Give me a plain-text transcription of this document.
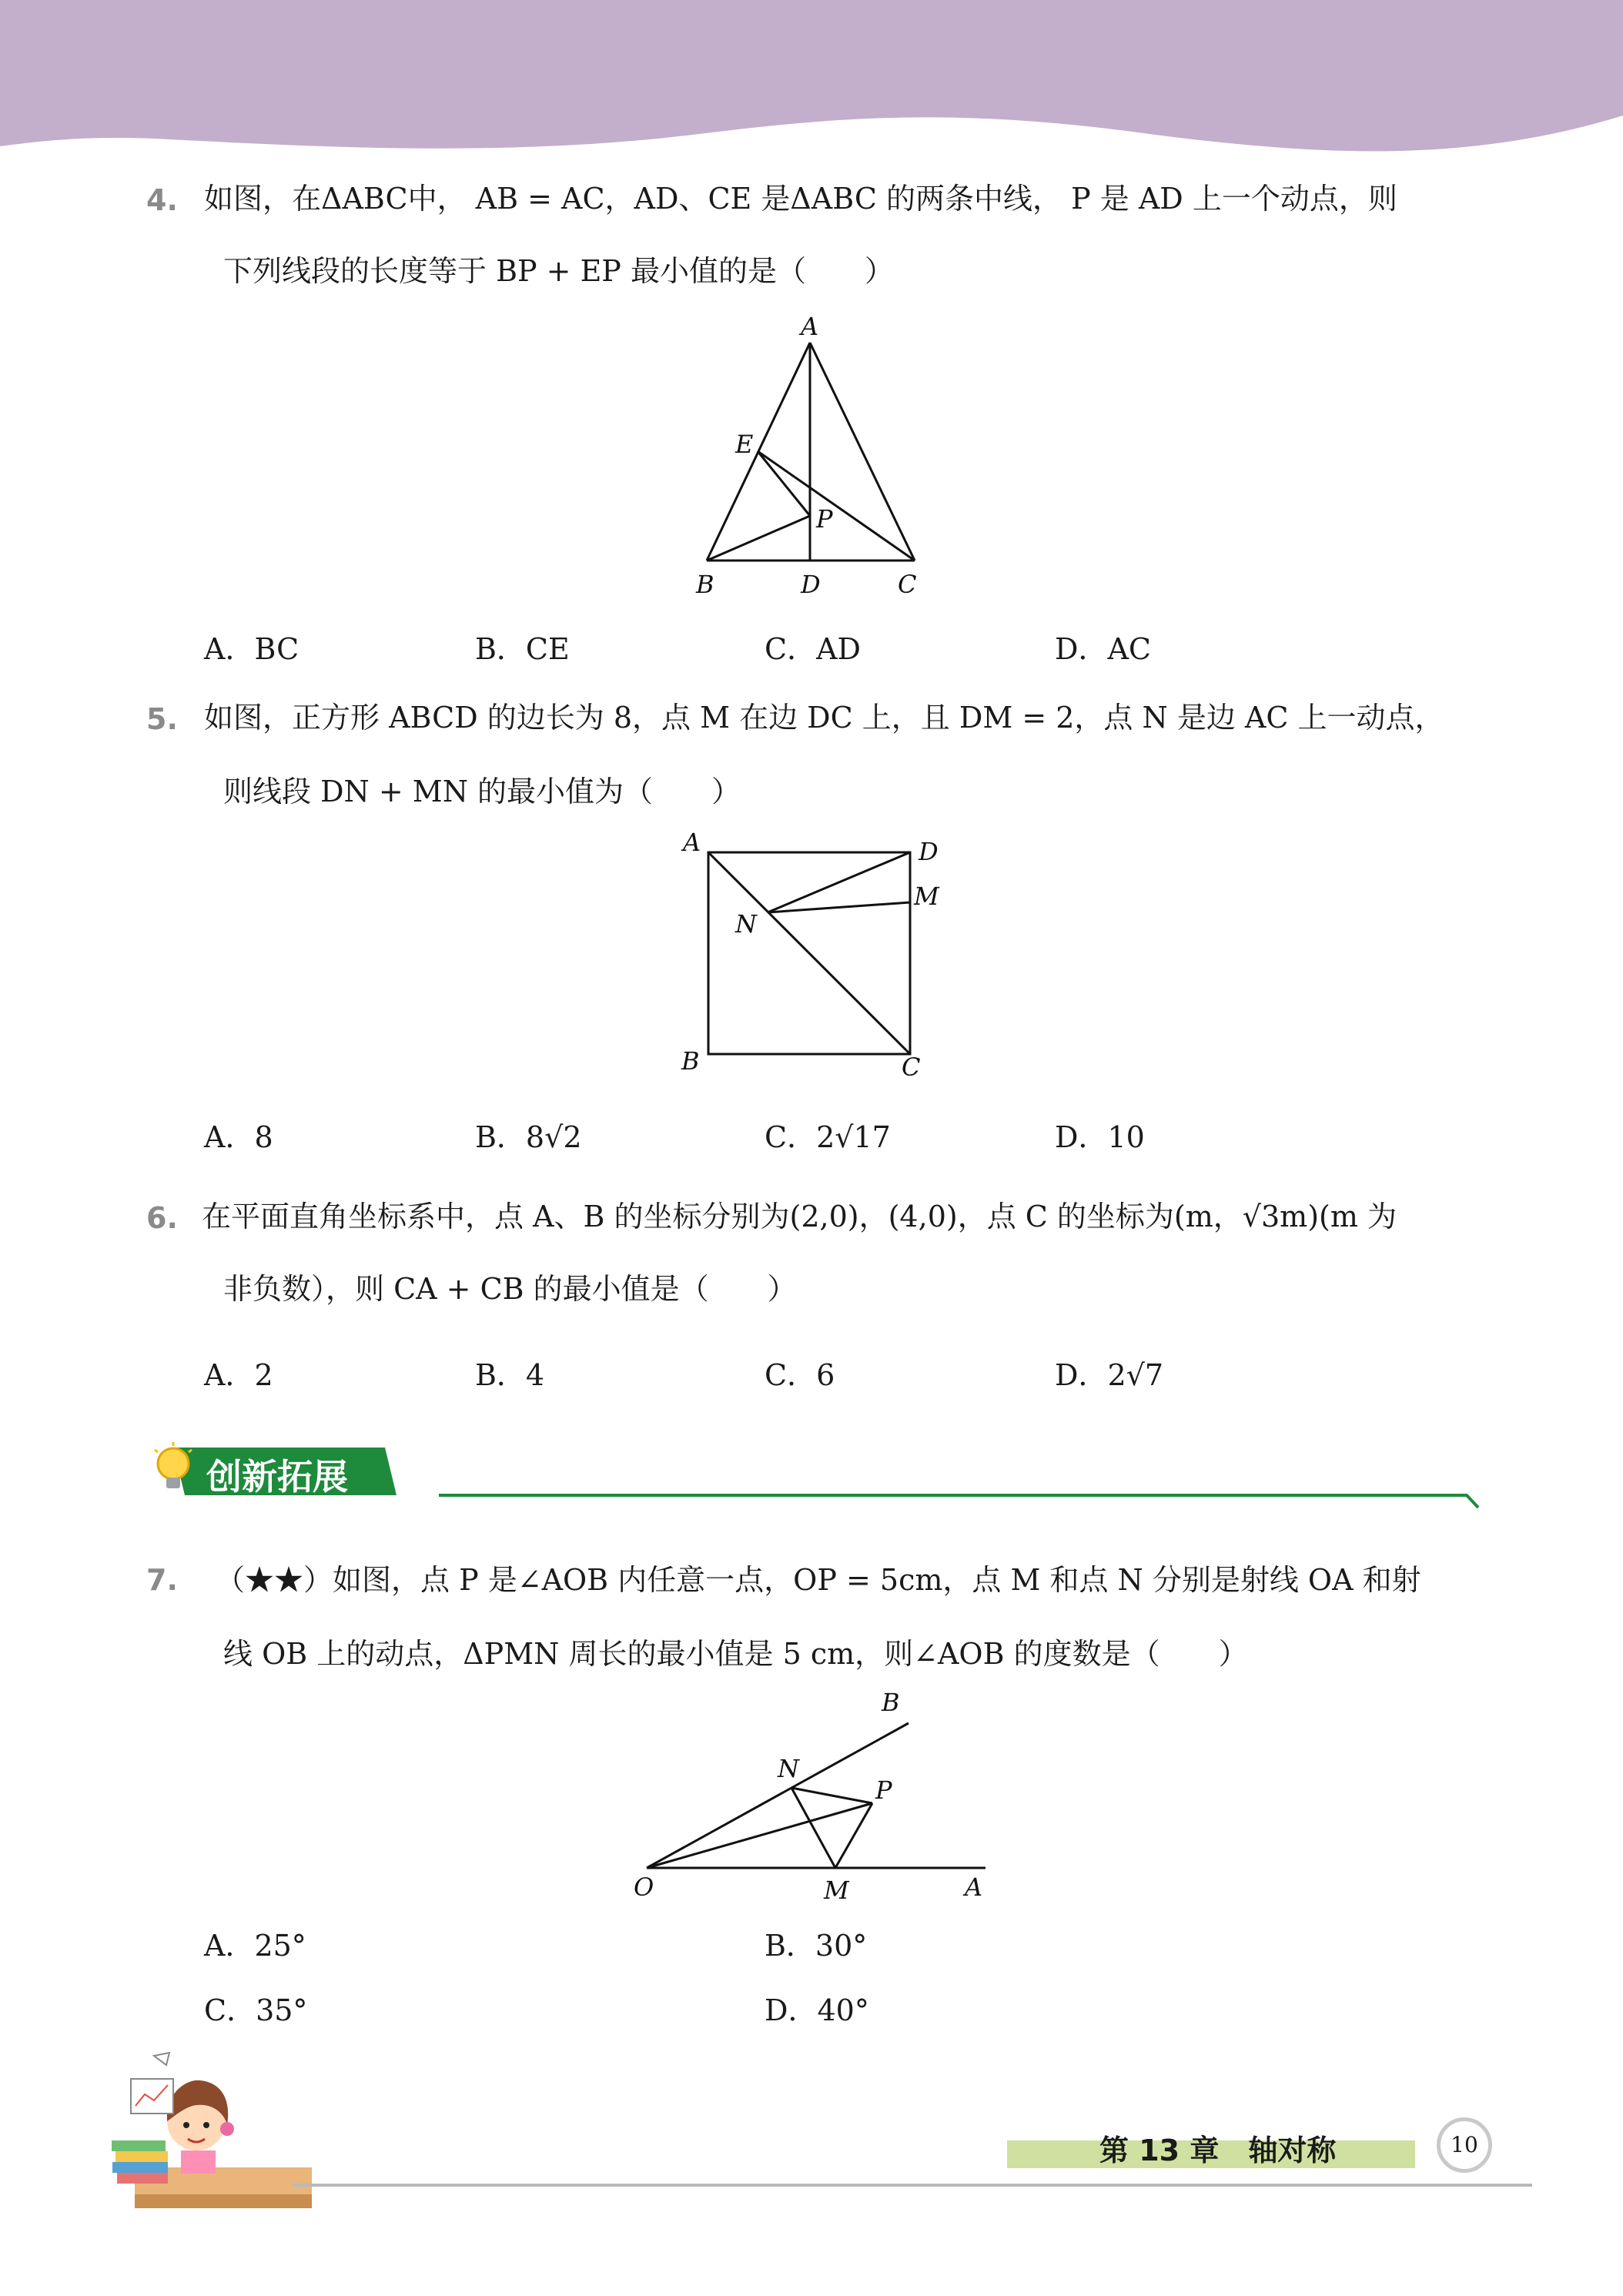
4. 如图，在ΔABC中， AB = AC，AD、CE 是ΔABC 的两条中线， P 是 AD 上一个动点，则
下列线段的长度等于 BP + EP 最小值的是（　　）
A
E
P
B	D	C
A．BC	B．CE	C．AD	D．AC
5. 如图，正方形 ABCD 的边长为 8，点 M 在边 DC 上，且 DM = 2，点 N 是边 AC 上一动点，
则线段 DN + MN 的最小值为（　　）
A	D
M
N
B	C
A．8	B．8√2	C．2√17	D．10
6. 在平面直角坐标系中，点 A、B 的坐标分别为(2,0)，(4,0)，点 C 的坐标为(m，√3m)(m 为
非负数），则 CA + CB 的最小值是（　　）
A．2	B．4	C．6	D．2√7
创新拓展
7. （★★）如图，点 P 是∠AOB 内任意一点，OP = 5cm，点 M 和点 N 分别是射线 OA 和射
线 OB 上的动点，ΔPMN 周长的最小值是 5 cm，则∠AOB 的度数是（　　）
B
N
P
O	M	A
A．25°	B．30°
C．35°	D．40°
第 13 章　轴对称	10
